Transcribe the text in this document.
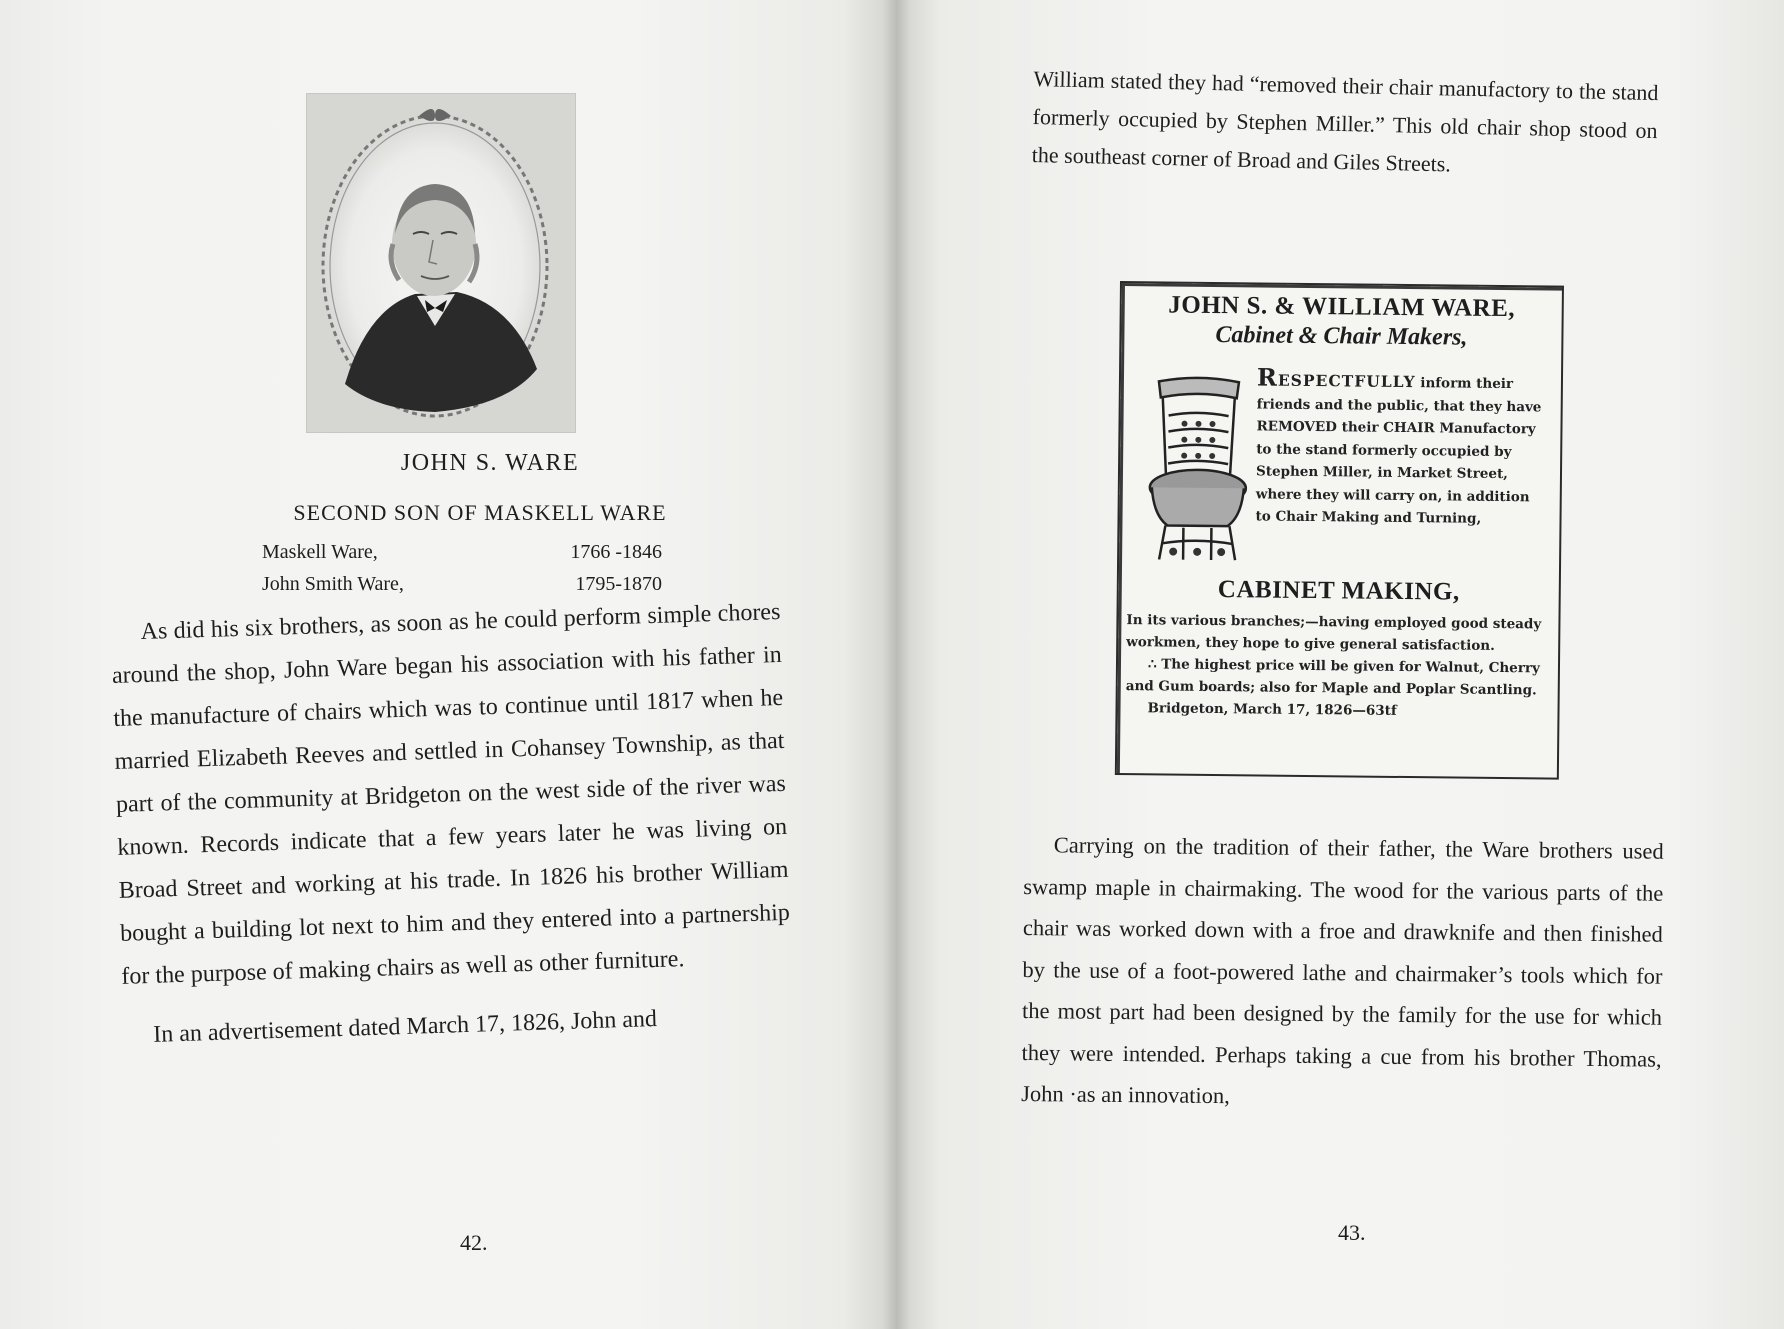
JOHN S. WARE
SECOND SON OF MASKELL WARE
Maskell Ware,	1766 -1846
John Smith Ware,	1795-1870

As did his six brothers, as soon as he could perform simple chores around the shop, John Ware began his association with his father in the manufacture of chairs which was to continue until 1817 when he married Elizabeth Reeves and settled in Cohansey Township, as that part of the community at Bridgeton on the west side of the river was known. Records indicate that a few years later he was living on Broad Street and working at his trade. In 1826 his brother William bought a building lot next to him and they entered into a partnership for the purpose of making chairs as well as other furniture.

In an advertisement dated March 17, 1826, John and

42.

William stated they had “removed their chair manufactory to the stand formerly occupied by Stephen Miller.” This old chair shop stood on the southeast corner of Broad and Giles Streets.

JOHN S. & WILLIAM WARE,
Cabinet & Chair Makers,
RESPECTFULLY inform their friends and the public, that they have REMOVED their CHAIR Manufactory to the stand formerly occupied by Stephen Miller, in Market Street, where they will carry on, in addition to Chair Making and Turning,
CABINET MAKING,

In its various branches;—having employed good steady workmen, they hope to give general satisfaction.

∴ The highest price will be given for Walnut, Cherry and Gum boards; also for Maple and Poplar Scantling.

Bridgeton, March 17, 1826—63tf

Carrying on the tradition of their father, the Ware brothers used swamp maple in chairmaking. The wood for the various parts of the chair was worked down with a froe and drawknife and then finished by the use of a foot-powered lathe and chairmaker’s tools which for the most part had been designed by the family for the use for which they were intended. Perhaps taking a cue from his brother Thomas, John ·as an innovation,

43.
